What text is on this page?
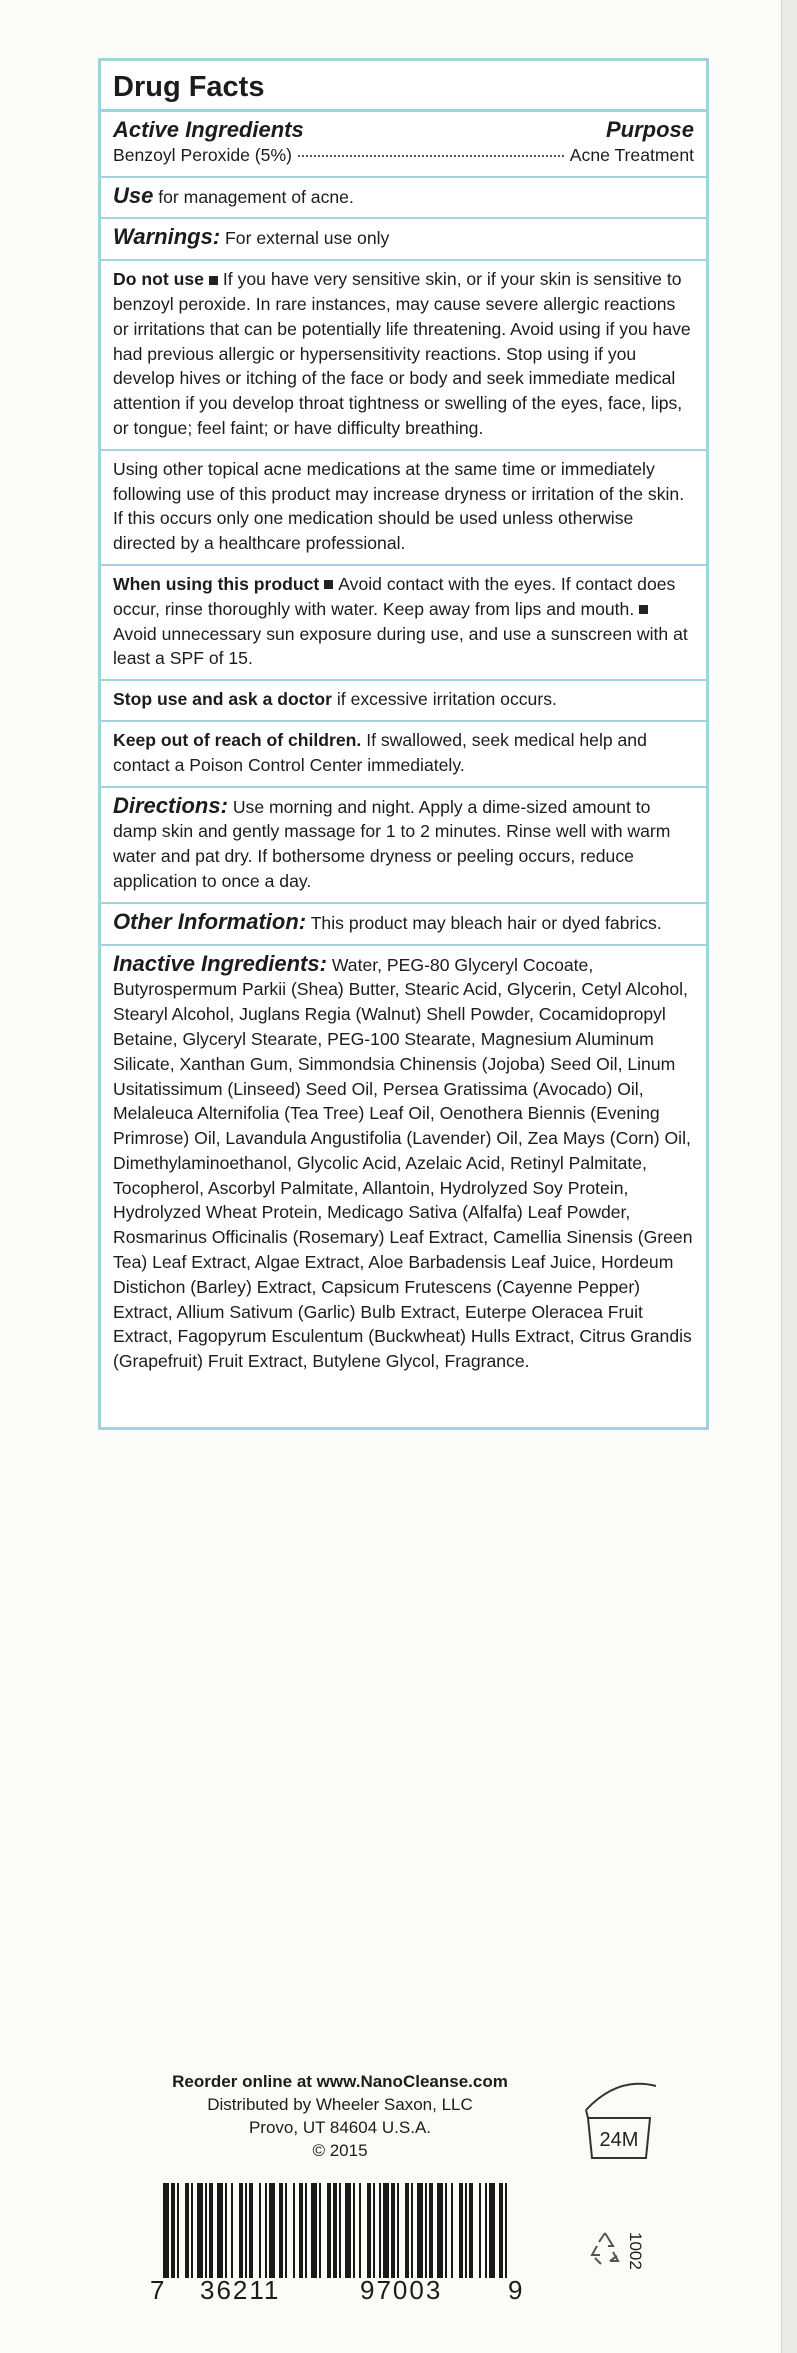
Drug Facts
Active Ingredients	Purpose
Benzoyl Peroxide (5%)	Acne Treatment
Use for management of acne.
Warnings: For external use only

Do not use If you have very sensitive skin, or if your skin is sensitive to benzoyl peroxide. In rare instances, may cause severe allergic reactions or irritations that can be potentially life threatening. Avoid using if you have had previous allergic or hypersensitivity reactions. Stop using if you develop hives or itching of the face or body and seek immediate medical attention if you develop throat tightness or swelling of the eyes, face, lips, or tongue; feel faint; or have difficulty breathing.

Using other topical acne medications at the same time or immediately following use of this product may increase dryness or irritation of the skin. If this occurs only one medication should be used unless otherwise directed by a healthcare professional.

When using this product Avoid contact with the eyes. If contact does occur, rinse thoroughly with water. Keep away from lips and mouth. Avoid unnecessary sun exposure during use, and use a sunscreen with at least a SPF of 15.

Stop use and ask a doctor if excessive irritation occurs.
Keep out of reach of children. If swallowed, seek medical help and contact a Poison Control Center immediately.
Directions: Use morning and night. Apply a dime-sized amount to damp skin and gently massage for 1 to 2 minutes. Rinse well with warm water and pat dry. If bothersome dryness or peeling occurs, reduce application to once a day.
Other Information: This product may bleach hair or dyed fabrics.
Inactive Ingredients: Water, PEG-80 Glyceryl Cocoate, Butyrospermum Parkii (Shea) Butter, Stearic Acid, Glycerin, Cetyl Alcohol, Stearyl Alcohol, Juglans Regia (Walnut) Shell Powder, Cocamidopropyl Betaine, Glyceryl Stearate, PEG-100 Stearate, Magnesium Aluminum Silicate, Xanthan Gum, Simmondsia Chinensis (Jojoba) Seed Oil, Linum Usitatissimum (Linseed) Seed Oil, Persea Gratissima (Avocado) Oil, Melaleuca Alternifolia (Tea Tree) Leaf Oil, Oenothera Biennis (Evening Primrose) Oil, Lavandula Angustifolia (Lavender) Oil, Zea Mays (Corn) Oil, Dimethylaminoethanol, Glycolic Acid, Azelaic Acid, Retinyl Palmitate, Tocopherol, Ascorbyl Palmitate, Allantoin, Hydrolyzed Soy Protein, Hydrolyzed Wheat Protein, Medicago Sativa (Alfalfa) Leaf Powder, Rosmarinus Officinalis (Rosemary) Leaf Extract, Camellia Sinensis (Green Tea) Leaf Extract, Algae Extract, Aloe Barbadensis Leaf Juice, Hordeum Distichon (Barley) Extract, Capsicum Frutescens (Cayenne Pepper) Extract, Allium Sativum (Garlic) Bulb Extract, Euterpe Oleracea Fruit Extract, Fagopyrum Esculentum (Buckwheat) Hulls Extract, Citrus Grandis (Grapefruit) Fruit Extract, Butylene Glycol, Fragrance.
Reorder online at www.NanoCleanse.com
Distributed by Wheeler Saxon, LLC
Provo, UT 84604 U.S.A.
© 2015	24M
7 36211	97003	9
1002
